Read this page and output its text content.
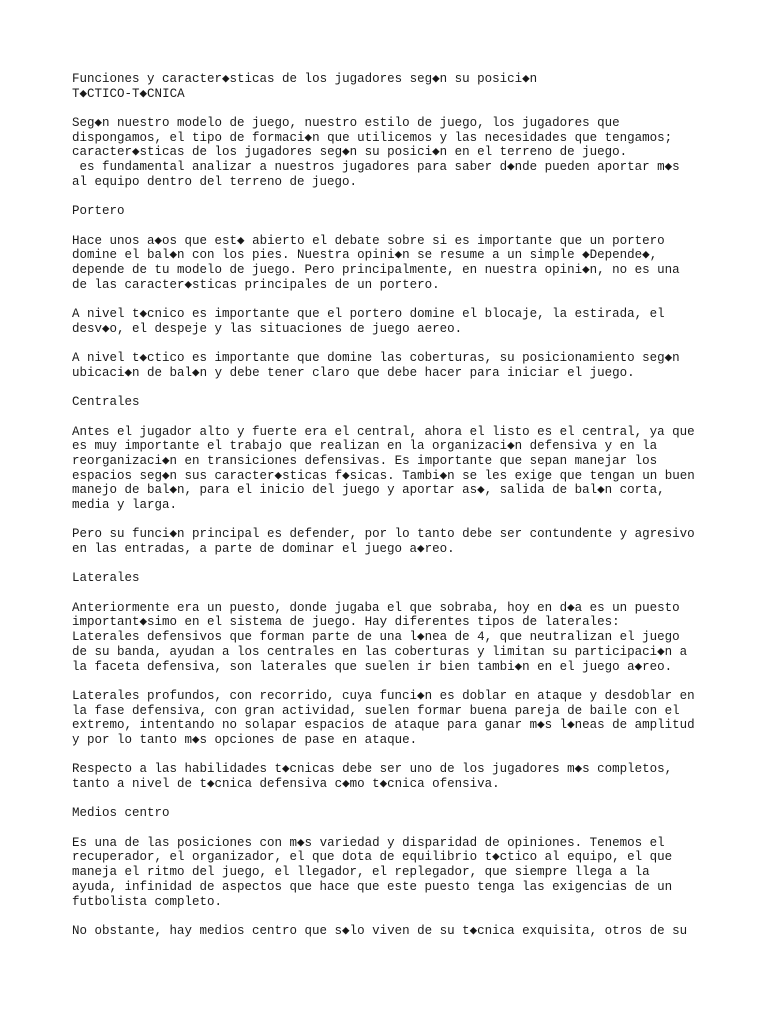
Funciones y caracter◆sticas de los jugadores seg◆n su posici◆n
T◆CTICO-T◆CNICA
Seg◆n nuestro modelo de juego, nuestro estilo de juego, los jugadores que
dispongamos, el tipo de formaci◆n que utilicemos y las necesidades que tengamos;
caracter◆sticas de los jugadores seg◆n su posici◆n en el terreno de juego.
es fundamental analizar a nuestros jugadores para saber d◆nde pueden aportar m◆s
al equipo dentro del terreno de juego.
Portero
Hace unos a◆os que est◆ abierto el debate sobre si es importante que un portero
domine el bal◆n con los pies. Nuestra opini◆n se resume a un simple ◆Depende◆,
depende de tu modelo de juego. Pero principalmente, en nuestra opini◆n, no es una
de las caracter◆sticas principales de un portero.
A nivel t◆cnico es importante que el portero domine el blocaje, la estirada, el
desv◆o, el despeje y las situaciones de juego aereo.
A nivel t◆ctico es importante que domine las coberturas, su posicionamiento seg◆n
ubicaci◆n de bal◆n y debe tener claro que debe hacer para iniciar el juego.
Centrales
Antes el jugador alto y fuerte era el central, ahora el listo es el central, ya que
es muy importante el trabajo que realizan en la organizaci◆n defensiva y en la
reorganizaci◆n en transiciones defensivas. Es importante que sepan manejar los
espacios seg◆n sus caracter◆sticas f◆sicas. Tambi◆n se les exige que tengan un buen
manejo de bal◆n, para el inicio del juego y aportar as◆, salida de bal◆n corta,
media y larga.
Pero su funci◆n principal es defender, por lo tanto debe ser contundente y agresivo
en las entradas, a parte de dominar el juego a◆reo.
Laterales
Anteriormente era un puesto, donde jugaba el que sobraba, hoy en d◆a es un puesto
important◆simo en el sistema de juego. Hay diferentes tipos de laterales:
Laterales defensivos que forman parte de una l◆nea de 4, que neutralizan el juego
de su banda, ayudan a los centrales en las coberturas y limitan su participaci◆n a
la faceta defensiva, son laterales que suelen ir bien tambi◆n en el juego a◆reo.
Laterales profundos, con recorrido, cuya funci◆n es doblar en ataque y desdoblar en
la fase defensiva, con gran actividad, suelen formar buena pareja de baile con el
extremo, intentando no solapar espacios de ataque para ganar m◆s l◆neas de amplitud
y por lo tanto m◆s opciones de pase en ataque.
Respecto a las habilidades t◆cnicas debe ser uno de los jugadores m◆s completos,
tanto a nivel de t◆cnica defensiva c◆mo t◆cnica ofensiva.
Medios centro
Es una de las posiciones con m◆s variedad y disparidad de opiniones. Tenemos el
recuperador, el organizador, el que dota de equilibrio t◆ctico al equipo, el que
maneja el ritmo del juego, el llegador, el replegador, que siempre llega a la
ayuda, infinidad de aspectos que hace que este puesto tenga las exigencias de un
futbolista completo.
No obstante, hay medios centro que s◆lo viven de su t◆cnica exquisita, otros de su
